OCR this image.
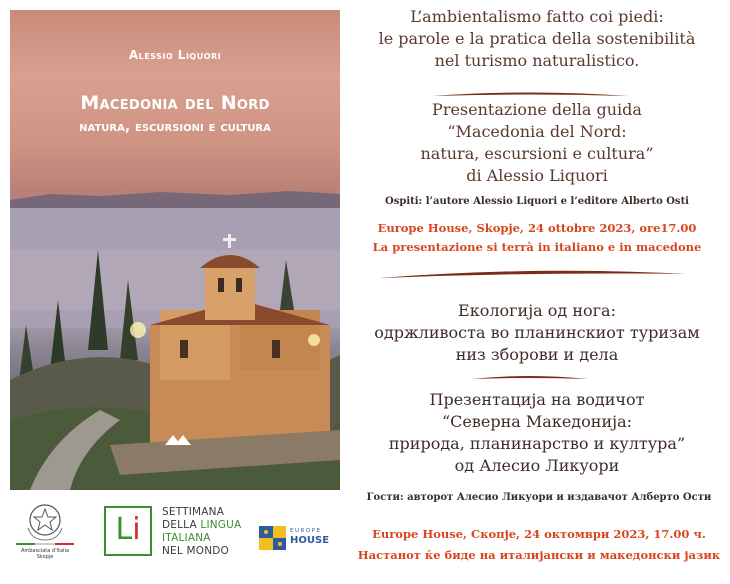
Alessio Liquori
Macedonia del Nord
natura, escursioni e cultura
L’ambientalismo fatto coi piedi:
le parole e la pratica della sostenibilità
nel turismo naturalistico.
Presentazione della guida
“Macedonia del Nord:
natura, escursioni e cultura”
di Alessio Liquori
Ospiti: l’autore Alessio Liquori e l’editore Alberto Osti
Europe House, Skopje, 24 ottobre 2023, ore17.00
La presentazione si terrà in italiano e in macedone
Екологија од нога:
одржливоста во планинскиот туризам
низ зборови и дела
Презентација на водичот
“Северна Македонија:
природа, планинарство и култура”
од Алесио Ликуори
Гости: авторот Алесио Ликуори и издавачот Алберто Ости
Europe House, Скопје, 24 октомври 2023, 17.00 ч.
Настанот ќе биде на италијански и македонски јазик
Ambasciata d’Italia
Skopje
Li	SETTIMANA
DELLA LINGUA
ITALIANA
NEL MONDO
EUROPE
HOUSE
